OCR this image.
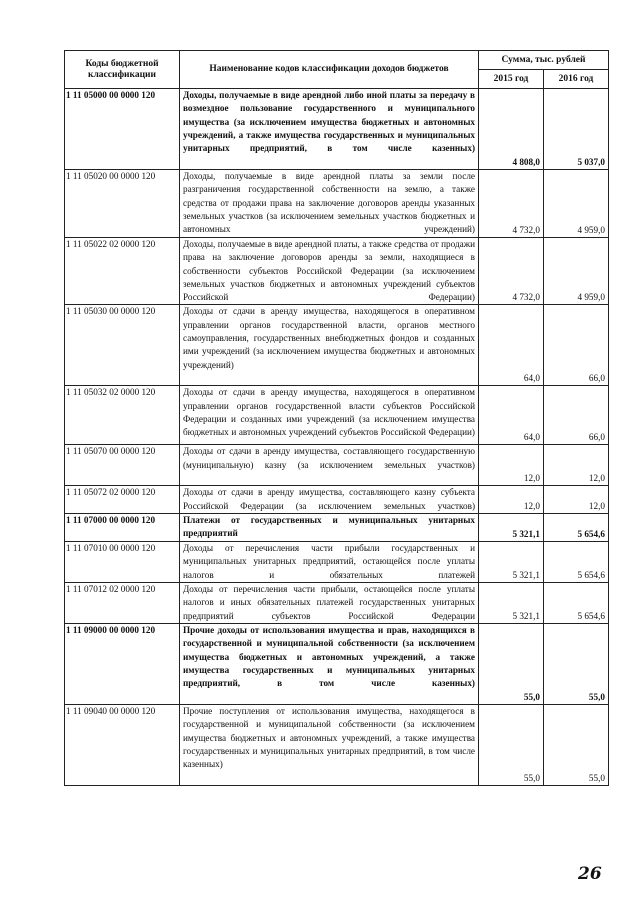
Коды бюджетной классификации	Наименование кодов классификации доходов бюджетов	Сумма, тыс. рублей	
		2015 год	2016 год
1 11 05000 00 0000 120	Доходы, получаемые в виде арендной либо иной платы за передачу в возмездное пользование государственного и муниципального имущества (за исключением имущества бюджетных и автономных учреждений, а также имущества государственных и муниципальных унитарных предприятий, в том числе казенных)	4 808,0	5 037,0
1 11 05020 00 0000 120	Доходы, получаемые в виде арендной платы за земли после разграничения государственной собственности на землю, а также средства от продажи права на заключение договоров аренды указанных земельных участков (за исключением земельных участков бюджетных и автономных учреждений)	4 732,0	4 959,0
1 11 05022 02 0000 120	Доходы, получаемые в виде арендной платы, а также средства от продажи права на заключение договоров аренды за земли, находящиеся в собственности субъектов Российской Федерации (за исключением земельных участков бюджетных и автономных учреждений субъектов Российской Федерации)	4 732,0	4 959,0
1 11 05030 00 0000 120	Доходы от сдачи в аренду имущества, находящегося в оперативном управлении органов государственной власти, органов местного самоуправления, государственных внебюджетных фондов и созданных ими учреждений (за исключением имущества бюджетных и автономных учреждений)	64,0	66,0
1 11 05032 02 0000 120	Доходы от сдачи в аренду имущества, находящегося в оперативном управлении органов государственной власти субъектов Российской Федерации и созданных ими учреждений (за исключением имущества бюджетных и автономных учреждений субъектов Российской Федерации)	64,0	66,0
1 11 05070 00 0000 120	Доходы от сдачи в аренду имущества, составляющего государственную (муниципальную) казну (за исключением земельных участков)	12,0	12,0
1 11 05072 02 0000 120	Доходы от сдачи в аренду имущества, составляющего казну субъекта Российской Федерации (за исключением земельных участков)	12,0	12,0
1 11 07000 00 0000 120	Платежи от государственных и муниципальных унитарных предприятий	5 321,1	5 654,6
1 11 07010 00 0000 120	Доходы от перечисления части прибыли государственных и муниципальных унитарных предприятий, остающейся после уплаты налогов и обязательных платежей	5 321,1	5 654,6
1 11 07012 02 0000 120	Доходы от перечисления части прибыли, остающейся после уплаты налогов и иных обязательных платежей государственных унитарных предприятий субъектов Российской Федерации	5 321,1	5 654,6
1 11 09000 00 0000 120	Прочие доходы от использования имущества и прав, находящихся в государственной и муниципальной собственности (за исключением имущества бюджетных и автономных учреждений, а также имущества государственных и муниципальных унитарных предприятий, в том числе казенных)	55,0	55,0
1 11 09040 00 0000 120	Прочие поступления от использования имущества, находящегося в государственной и муниципальной собственности (за исключением имущества бюджетных и автономных учреждений, а также имущества государственных и муниципальных унитарных предприятий, в том числе казенных)	55,0	55,0
26
